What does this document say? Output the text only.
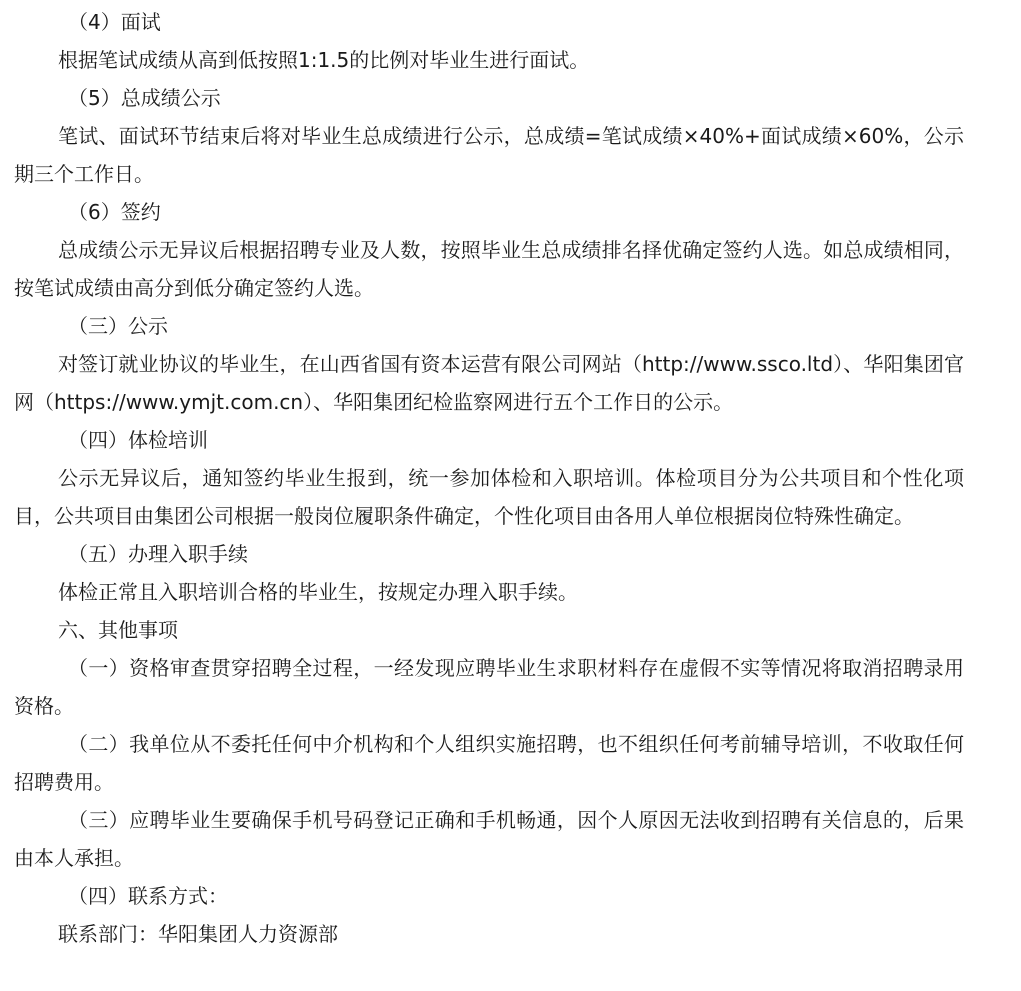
（4）面试

根据笔试成绩从高到低按照1:1.5的比例对毕业生进行面试。

（5）总成绩公示

笔试、面试环节结束后将对毕业生总成绩进行公示，总成绩=笔试成绩×40%+面试成绩×60%，公示期三个工作日。

（6）签约

总成绩公示无异议后根据招聘专业及人数，按照毕业生总成绩排名择优确定签约人选。如总成绩相同，按笔试成绩由高分到低分确定签约人选。

（三）公示

对签订就业协议的毕业生，在山西省国有资本运营有限公司网站（http://www.ssco.ltd）、华阳集团官网（https://www.ymjt.com.cn）、华阳集团纪检监察网进行五个工作日的公示。

（四）体检培训

公示无异议后，通知签约毕业生报到，统一参加体检和入职培训。体检项目分为公共项目和个性化项目，公共项目由集团公司根据一般岗位履职条件确定，个性化项目由各用人单位根据岗位特殊性确定。

（五）办理入职手续

体检正常且入职培训合格的毕业生，按规定办理入职手续。

六、其他事项

（一）资格审查贯穿招聘全过程，一经发现应聘毕业生求职材料存在虚假不实等情况将取消招聘录用资格。

（二）我单位从不委托任何中介机构和个人组织实施招聘，也不组织任何考前辅导培训，不收取任何招聘费用。

（三）应聘毕业生要确保手机号码登记正确和手机畅通，因个人原因无法收到招聘有关信息的，后果由本人承担。

（四）联系方式：

联系部门：华阳集团人力资源部
